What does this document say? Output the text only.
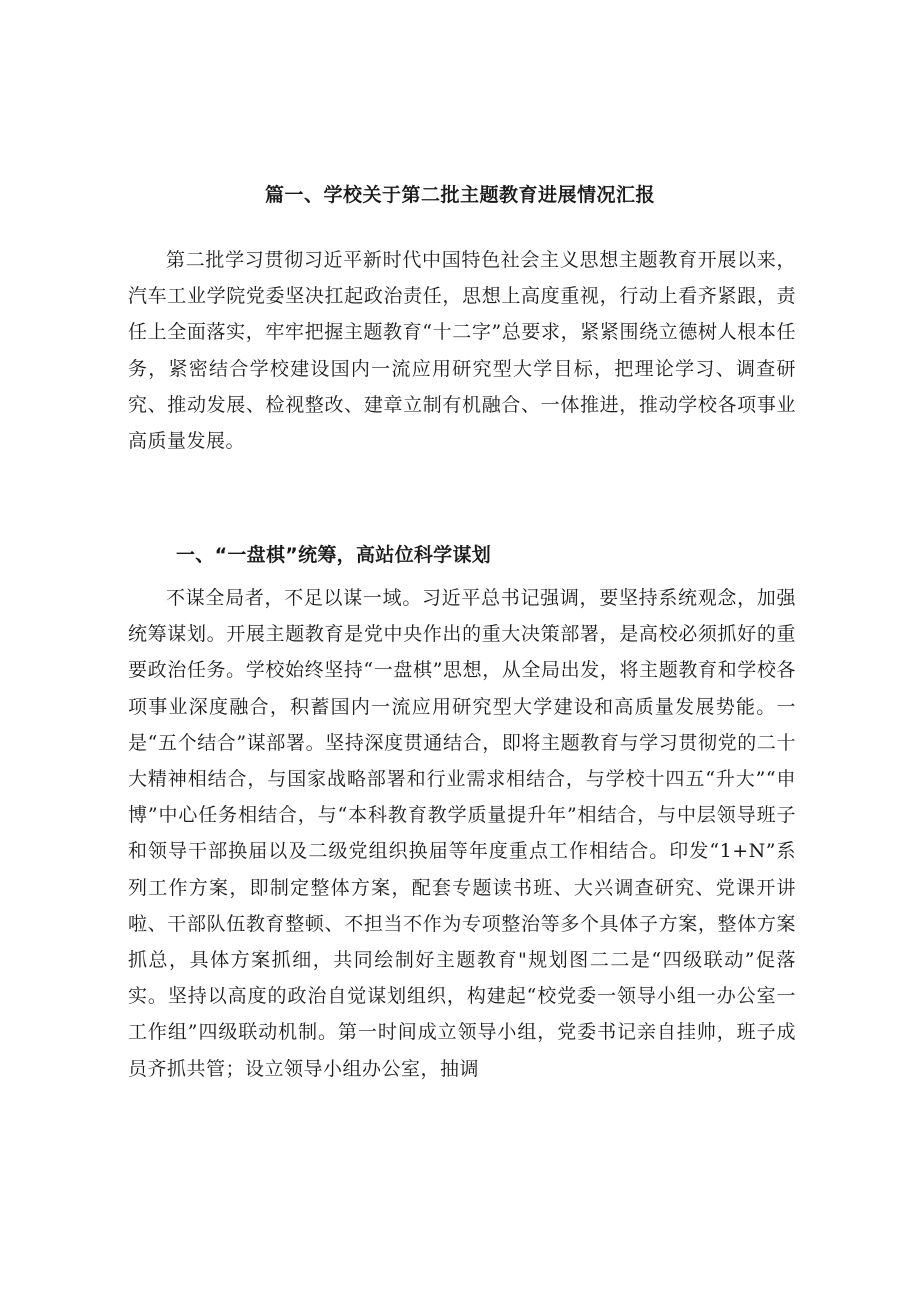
篇一、学校关于第二批主题教育进展情况汇报

第二批学习贯彻习近平新时代中国特色社会主义思想主题教育开展以来，汽车工业学院党委坚决扛起政治责任，思想上高度重视，行动上看齐紧跟，责任上全面落实，牢牢把握主题教育“十二字”总要求，紧紧围绕立德树人根本任务，紧密结合学校建设国内一流应用研究型大学目标，把理论学习、调查研究、推动发展、检视整改、建章立制有机融合、一体推进，推动学校各项事业高质量发展。

一、“一盘棋”统筹，高站位科学谋划

不谋全局者，不足以谋一域。习近平总书记强调，要坚持系统观念，加强统筹谋划。开展主题教育是党中央作出的重大决策部署，是高校必须抓好的重要政治任务。学校始终坚持“一盘棋”思想，从全局出发，将主题教育和学校各项事业深度融合，积蓄国内一流应用研究型大学建设和高质量发展势能。一是“五个结合”谋部署。坚持深度贯通结合，即将主题教育与学习贯彻党的二十大精神相结合，与国家战略部署和行业需求相结合，与学校十四五“升大”“申博”中心任务相结合，与“本科教育教学质量提升年”相结合，与中层领导班子和领导干部换届以及二级党组织换届等年度重点工作相结合。印发“1+N”系列工作方案，即制定整体方案，配套专题读书班、大兴调查研究、党课开讲啦、干部队伍教育整顿、不担当不作为专项整治等多个具体子方案，整体方案抓总，具体方案抓细，共同绘制好主题教育"规划图二二是“四级联动”促落实。坚持以高度的政治自觉谋划组织，构建起“校党委一领导小组一办公室一工作组”四级联动机制。第一时间成立领导小组，党委书记亲自挂帅，班子成员齐抓共管；设立领导小组办公室，抽调
